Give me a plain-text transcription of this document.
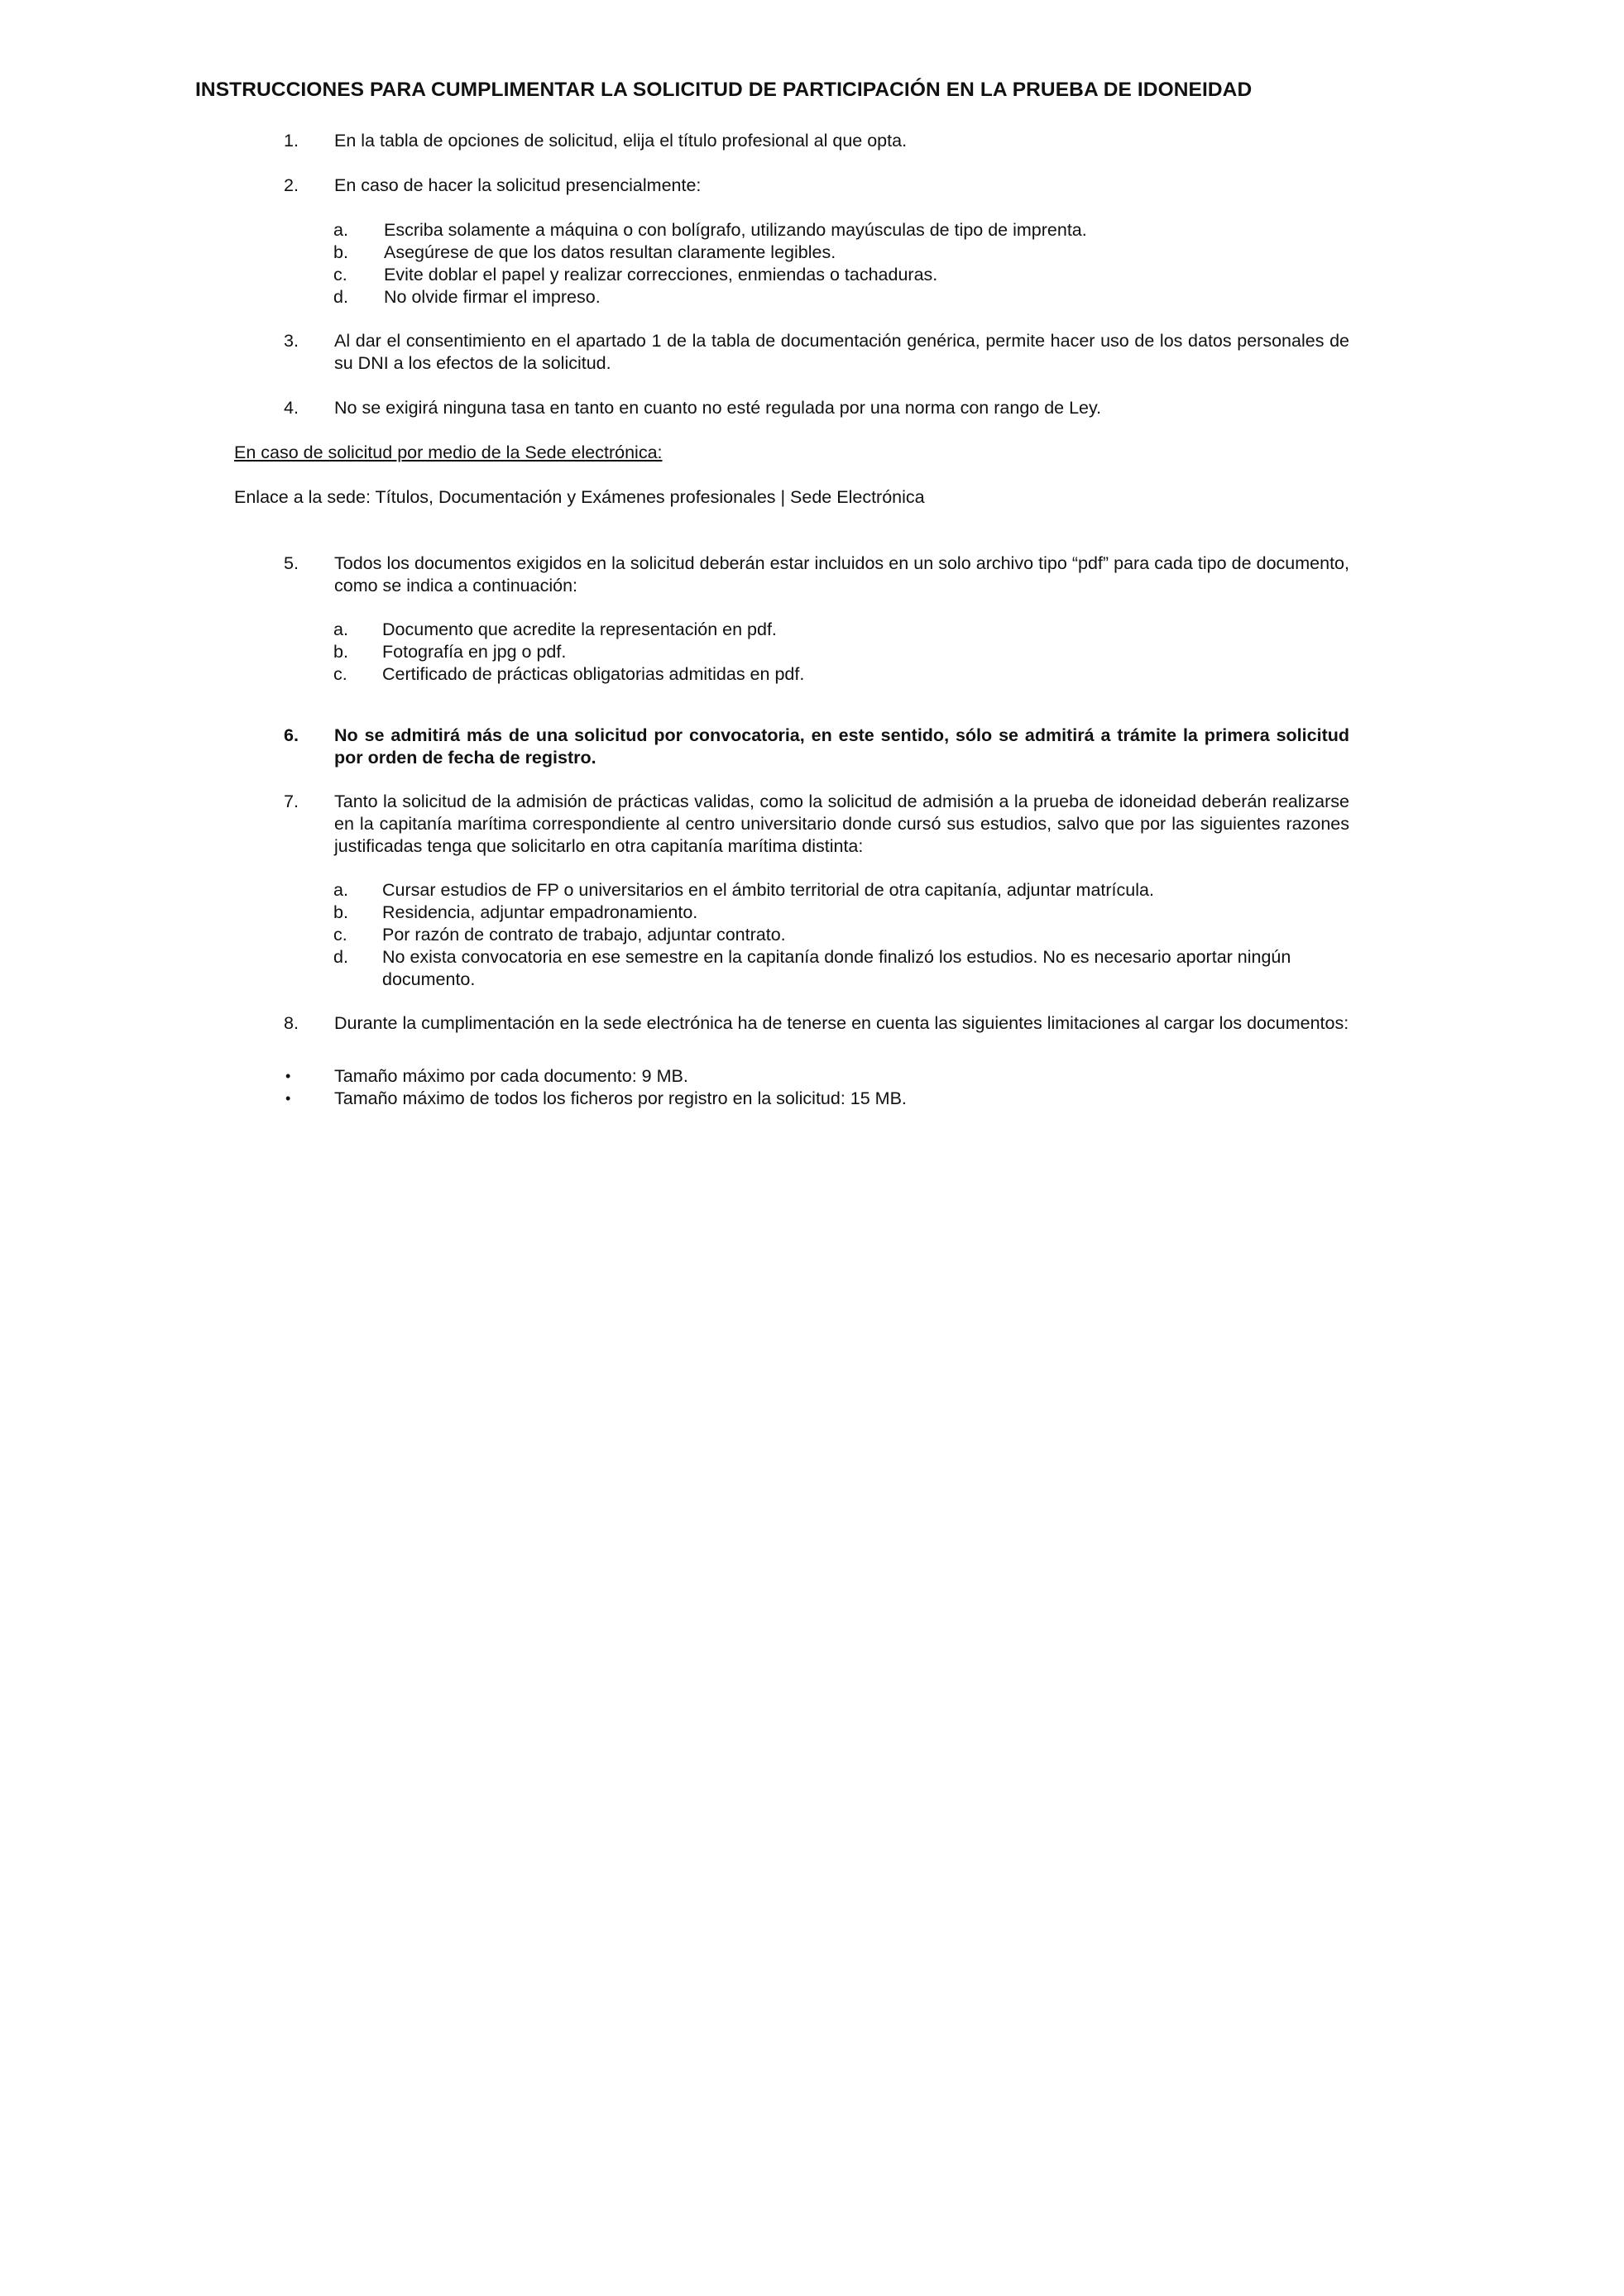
INSTRUCCIONES PARA CUMPLIMENTAR LA SOLICITUD DE PARTICIPACIÓN EN LA PRUEBA DE IDONEIDAD
1. En la tabla de opciones de solicitud, elija el título profesional al que opta.
2. En caso de hacer la solicitud presencialmente:
a. Escriba solamente a máquina o con bolígrafo, utilizando mayúsculas de tipo de imprenta.
b. Asegúrese de que los datos resultan claramente legibles.
c. Evite doblar el papel y realizar correcciones, enmiendas o tachaduras.
d. No olvide firmar el impreso.
3. Al dar el consentimiento en el apartado 1 de la tabla de documentación genérica, permite hacer uso de los datos personales de su DNI a los efectos de la solicitud.
4. No se exigirá ninguna tasa en tanto en cuanto no esté regulada por una norma con rango de Ley.
En caso de solicitud por medio de la Sede electrónica:
Enlace a la sede: Títulos, Documentación y Exámenes profesionales | Sede Electrónica
5. Todos los documentos exigidos en la solicitud deberán estar incluidos en un solo archivo tipo “pdf” para cada tipo de documento, como se indica a continuación:
a. Documento que acredite la representación en pdf.
b. Fotografía en jpg o pdf.
c. Certificado de prácticas obligatorias admitidas en pdf.
6. No se admitirá más de una solicitud por convocatoria, en este sentido, sólo se admitirá a trámite la primera solicitud por orden de fecha de registro.
7. Tanto la solicitud de la admisión de prácticas validas, como la solicitud de admisión a la prueba de idoneidad deberán realizarse en la capitanía marítima correspondiente al centro universitario donde cursó sus estudios, salvo que por las siguientes razones justificadas tenga que solicitarlo en otra capitanía marítima distinta:
a. Cursar estudios de FP o universitarios en el ámbito territorial de otra capitanía, adjuntar matrícula.
b. Residencia, adjuntar empadronamiento.
c. Por razón de contrato de trabajo, adjuntar contrato.
d. No exista convocatoria en ese semestre en la capitanía donde finalizó los estudios. No es necesario aportar ningún documento.
8. Durante la cumplimentación en la sede electrónica ha de tenerse en cuenta las siguientes limitaciones al cargar los documentos:
• Tamaño máximo por cada documento: 9 MB.
• Tamaño máximo de todos los ficheros por registro en la solicitud: 15 MB.
